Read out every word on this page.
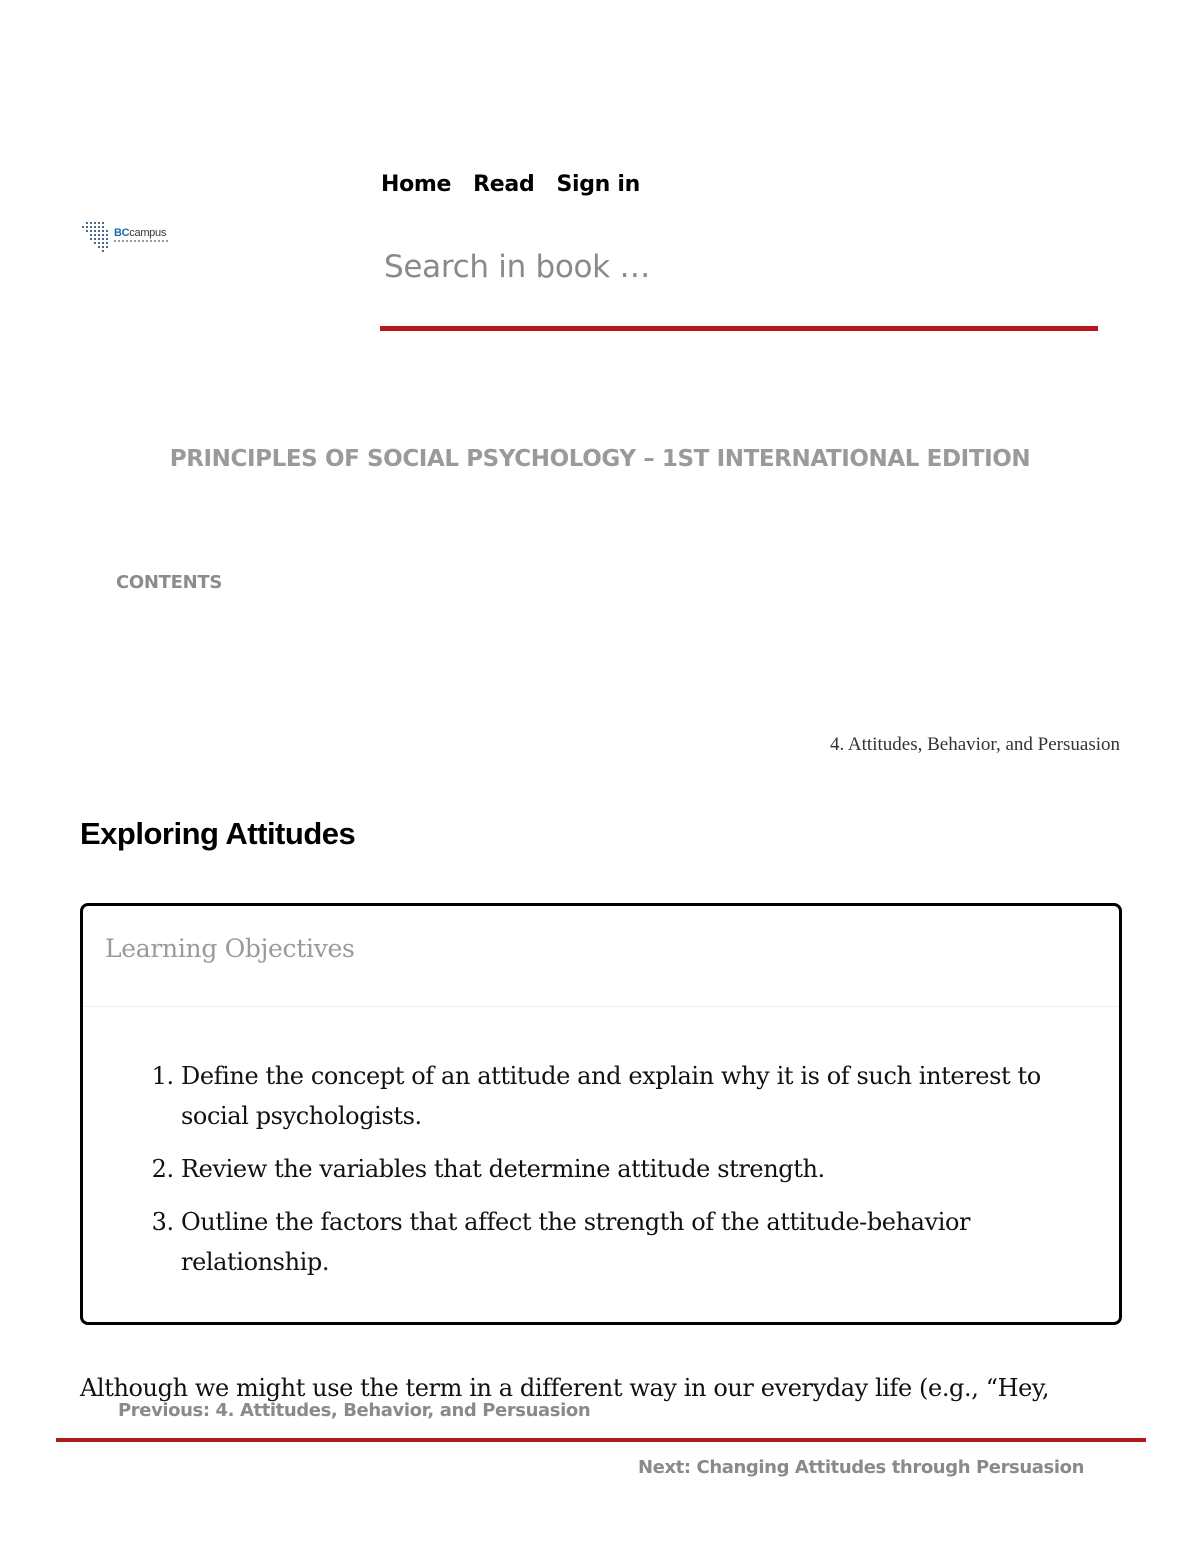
BCcampus
Home Read Sign in
Search in book …
PRINCIPLES OF SOCIAL PSYCHOLOGY – 1ST INTERNATIONAL EDITION
CONTENTS
4. Attitudes, Behavior, and Persuasion
Exploring Attitudes
Learning Objectives
1. Define the concept of an attitude and explain why it is of such interest to social psychologists.
2. Review the variables that determine attitude strength.
3. Outline the factors that affect the strength of the attitude-behavior relationship.

Although we might use the term in a different way in our everyday life (e.g., “Hey,

Previous: 4. Attitudes, Behavior, and Persuasion
Next: Changing Attitudes through Persuasion
